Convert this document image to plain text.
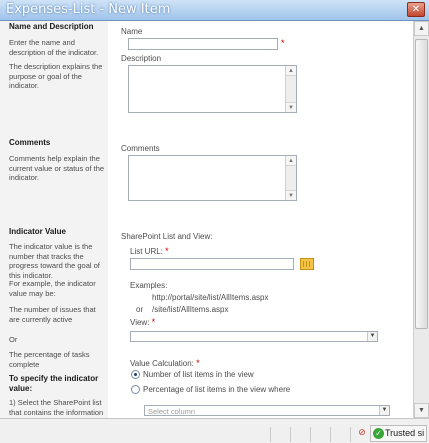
Expenses-List - New Item	✕
Name and Description
Enter the name and description of the indicator.
The description explains the purpose or goal of the indicator.
Name
*
Description
▲
▼
Comments
Comments help explain the current value or status of the indicator.
Comments
▲
▼
Indicator Value
The indicator value is the number that tracks the progress toward the goal of this indicator.
For example, the indicator value may be:
The number of issues that are currently active
Or
The percentage of tasks complete
To specify the indicator value:
1) Select the SharePoint list that contains the information
SharePoint List and View:
List URL: *
Examples:
http://portal/site/list/AllItems.aspx
or /site/list/AllItems.aspx
View: *
▼
Value Calculation: *
Number of list items in the view
Percentage of list items in the view where
Select column	▼
▲
▼
⊘ ✓ Trusted si
